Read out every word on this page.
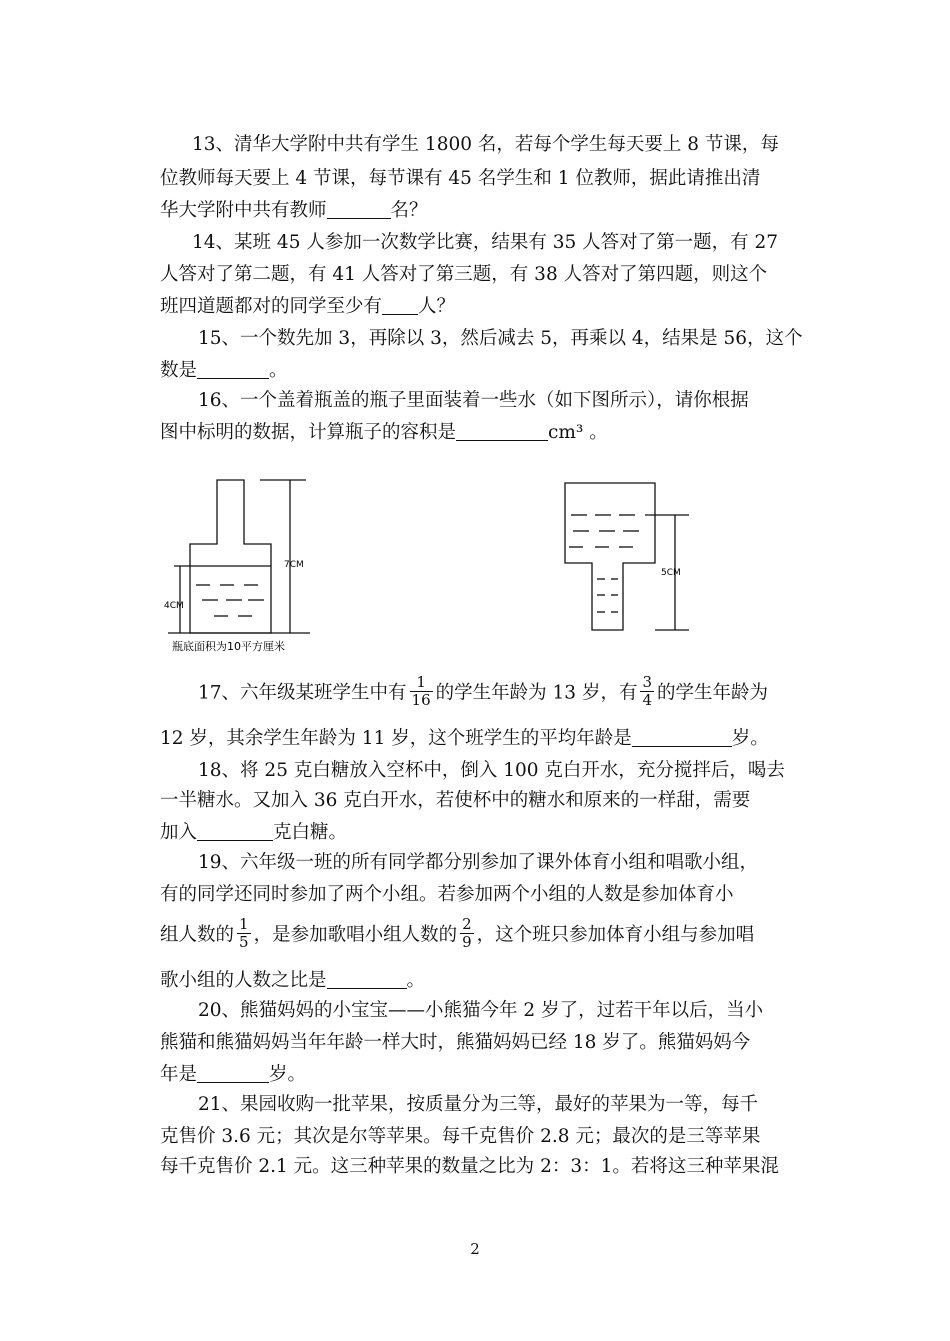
13、清华大学附中共有学生 1800 名，若每个学生每天要上 8 节课，每
位教师每天要上 4 节课，每节课有 45 名学生和 1 位教师，据此请推出清
华大学附中共有教师	名？
14、某班 45 人参加一次数学比赛，结果有 35 人答对了第一题，有 27
人答对了第二题，有 41 人答对了第三题，有 38 人答对了第四题，则这个
班四道题都对的同学至少有 人？
15、一个数先加 3，再除以 3，然后减去 5，再乘以 4，结果是 56，这个
数是	。
16、一个盖着瓶盖的瓶子里面装着一些水（如下图所示），请你根据
图中标明的数据，计算瓶子的容积是	cm³ 。
7CM
4CM
瓶底面积为10平方厘米
5CM
17、六年级某班学生中有 $\frac{1}{16}$ 的学生年龄为 13 岁，有 $\frac{3}{4}$ 的学生年龄为
12 岁，其余学生年龄为 11 岁，这个班学生的平均年龄是	岁。
18、将 25 克白糖放入空杯中，倒入 100 克白开水，充分搅拌后，喝去
一半糖水。又加入 36 克白开水，若使杯中的糖水和原来的一样甜，需要
加入	克白糖。
19、六年级一班的所有同学都分别参加了课外体育小组和唱歌小组，
有的同学还同时参加了两个小组。若参加两个小组的人数是参加体育小
组人数的 $\frac{1}{5}$ ，是参加歌唱小组人数的 $\frac{2}{9}$ ，这个班只参加体育小组与参加唱
歌小组的人数之比是	。
20、熊猫妈妈的小宝宝——小熊猫今年 2 岁了，过若干年以后，当小
熊猫和熊猫妈妈当年年龄一样大时，熊猫妈妈已经 18 岁了。熊猫妈妈今
年是	岁。
21、果园收购一批苹果，按质量分为三等，最好的苹果为一等，每千
克售价 3.6 元；其次是尔等苹果。每千克售价 2.8 元；最次的是三等苹果
每千克售价 2.1 元。这三种苹果的数量之比为 2：3：1。若将这三种苹果混
2
